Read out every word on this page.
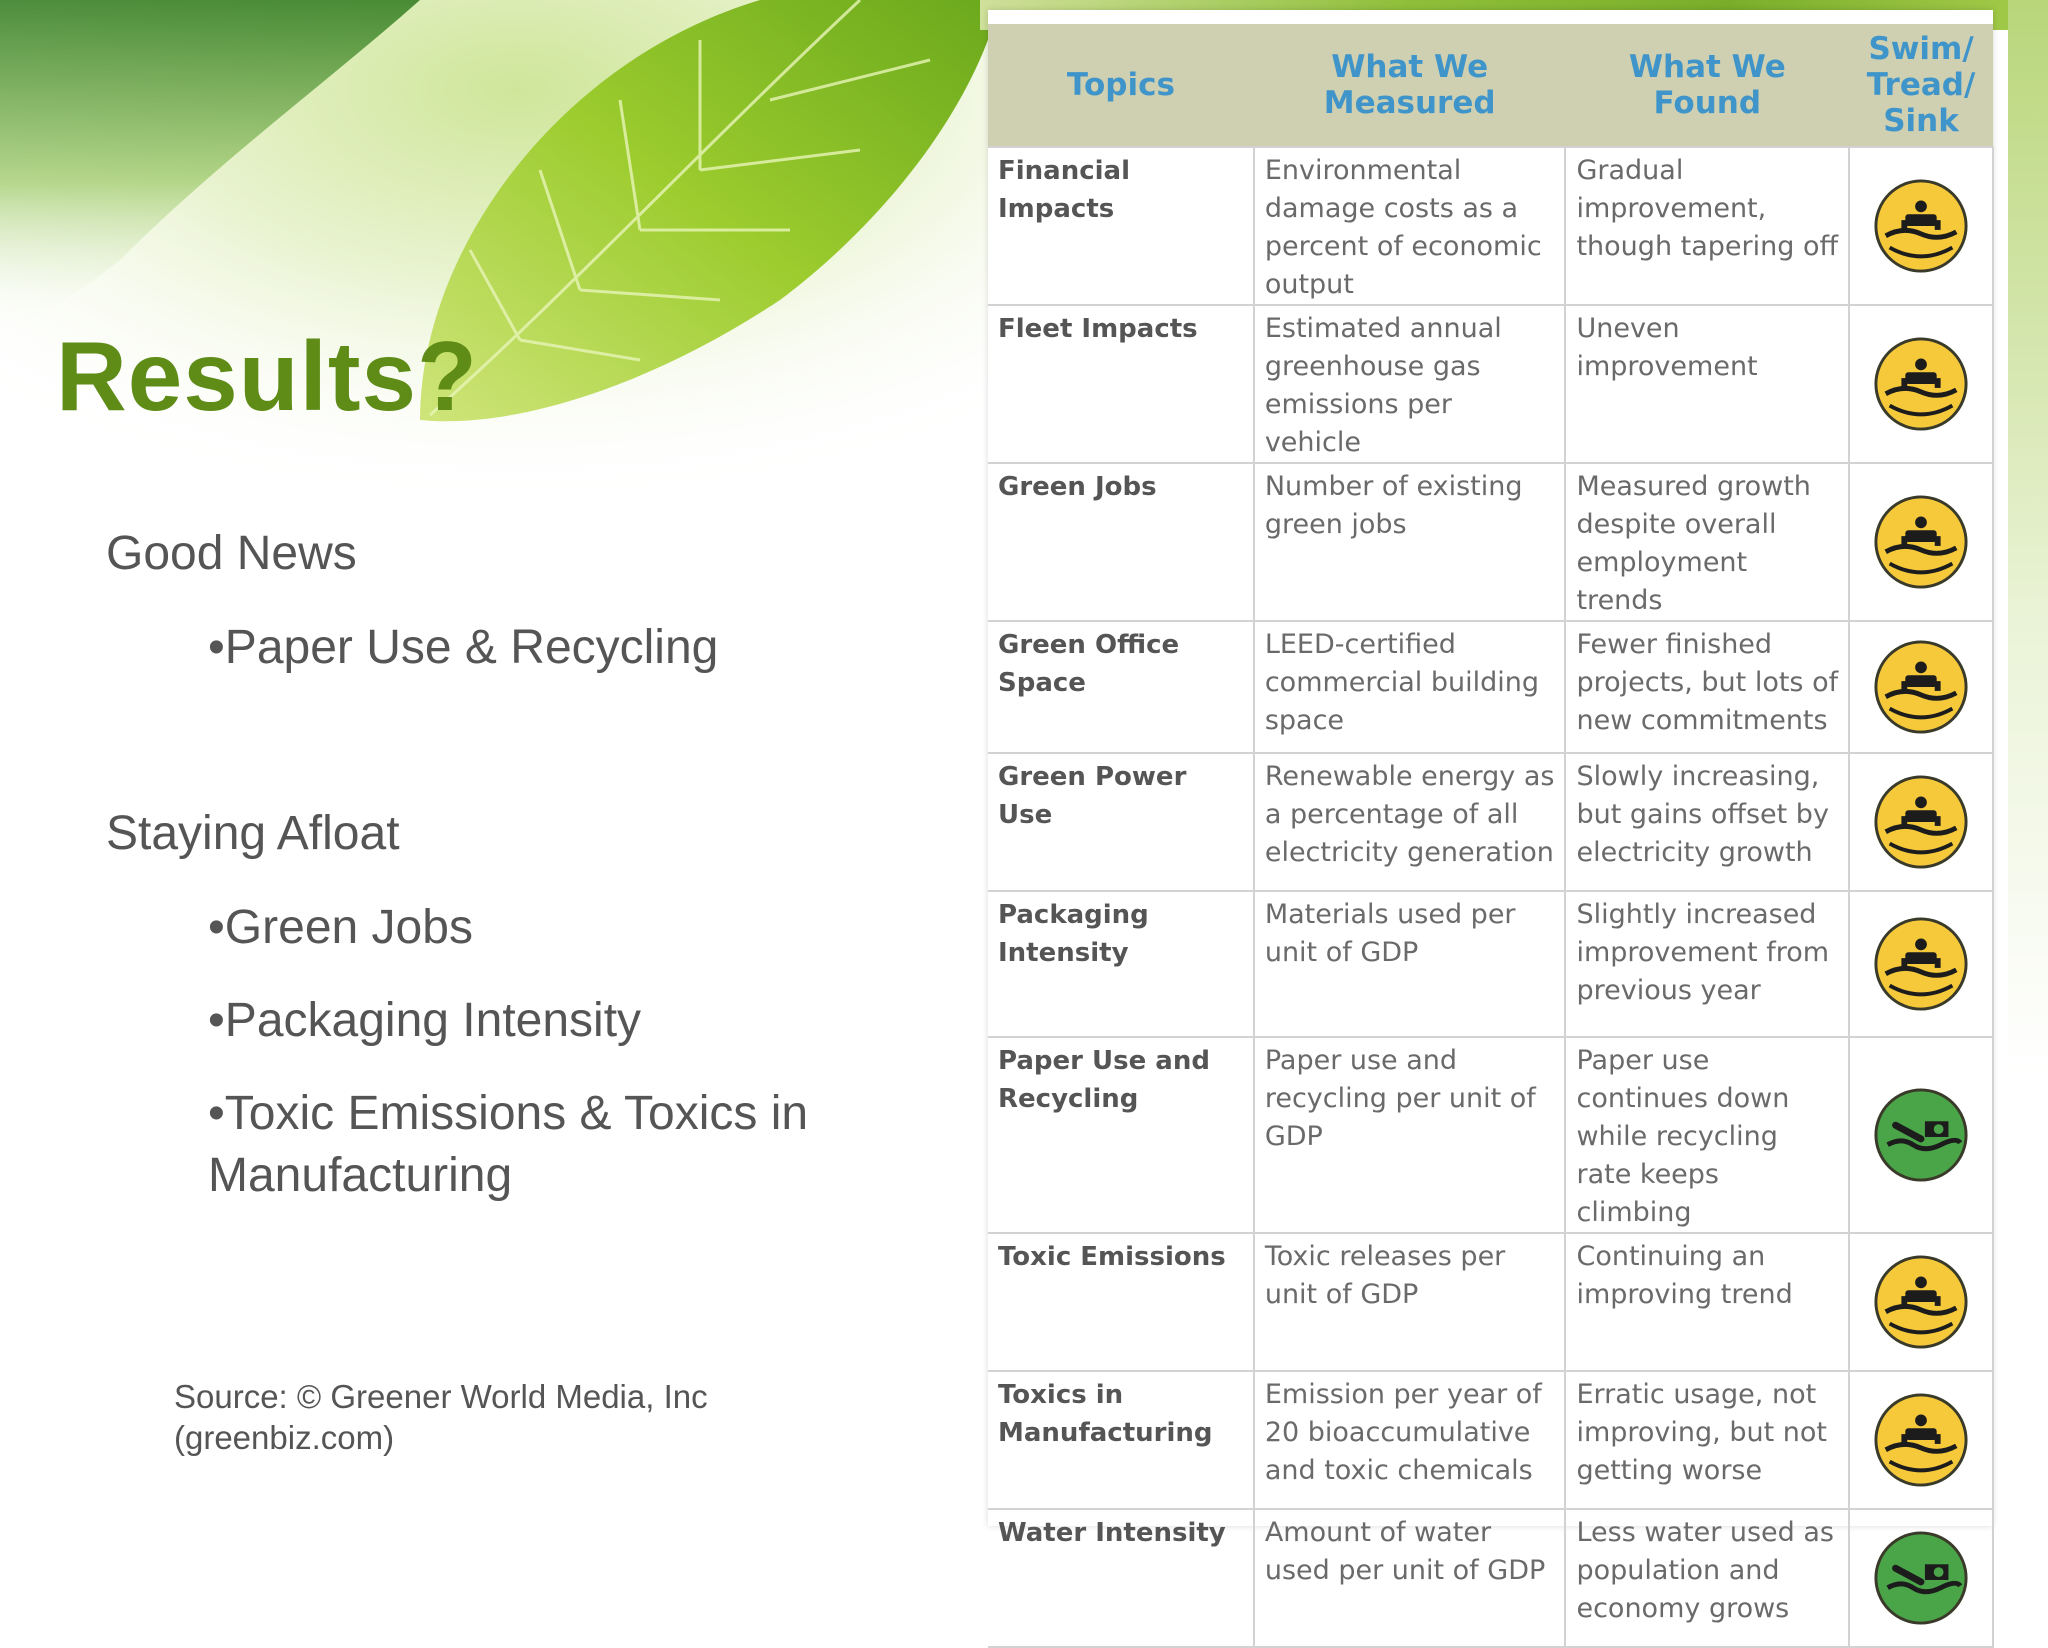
Results?

Good News

•Paper Use & Recycling

Staying Afloat

•Green Jobs

•Packaging Intensity

•Toxic Emissions & Toxics in Manufacturing

Source: © Greener World Media, Inc (greenbiz.com)

Topics	What We Measured	What We Found	Swim/ Tread/ Sink
Financial Impacts	Environmental damage costs as a percent of economic output	Gradual improvement, though tapering off	

Fleet Impacts	Estimated annual greenhouse gas emissions per vehicle	Uneven improvement	

Green Jobs	Number of existing green jobs	Measured growth despite overall employment trends	

Green Office Space	LEED-certified commercial building space	Fewer finished projects, but lots of new commitments	

Green Power Use	Renewable energy as a percentage of all electricity generation	Slowly increasing, but gains offset by electricity growth	

Packaging Intensity	Materials used per unit of GDP	Slightly increased improvement from previous year	

Paper Use and Recycling	Paper use and recycling per unit of GDP	Paper use continues down while recycling rate keeps climbing	

Toxic Emissions	Toxic releases per unit of GDP	Continuing an improving trend	

Toxics in Manufacturing	Emission per year of 20 bioaccumulative and toxic chemicals	Erratic usage, not improving, but not getting worse	

Water Intensity	Amount of water used per unit of GDP	Less water used as population and economy grows	
